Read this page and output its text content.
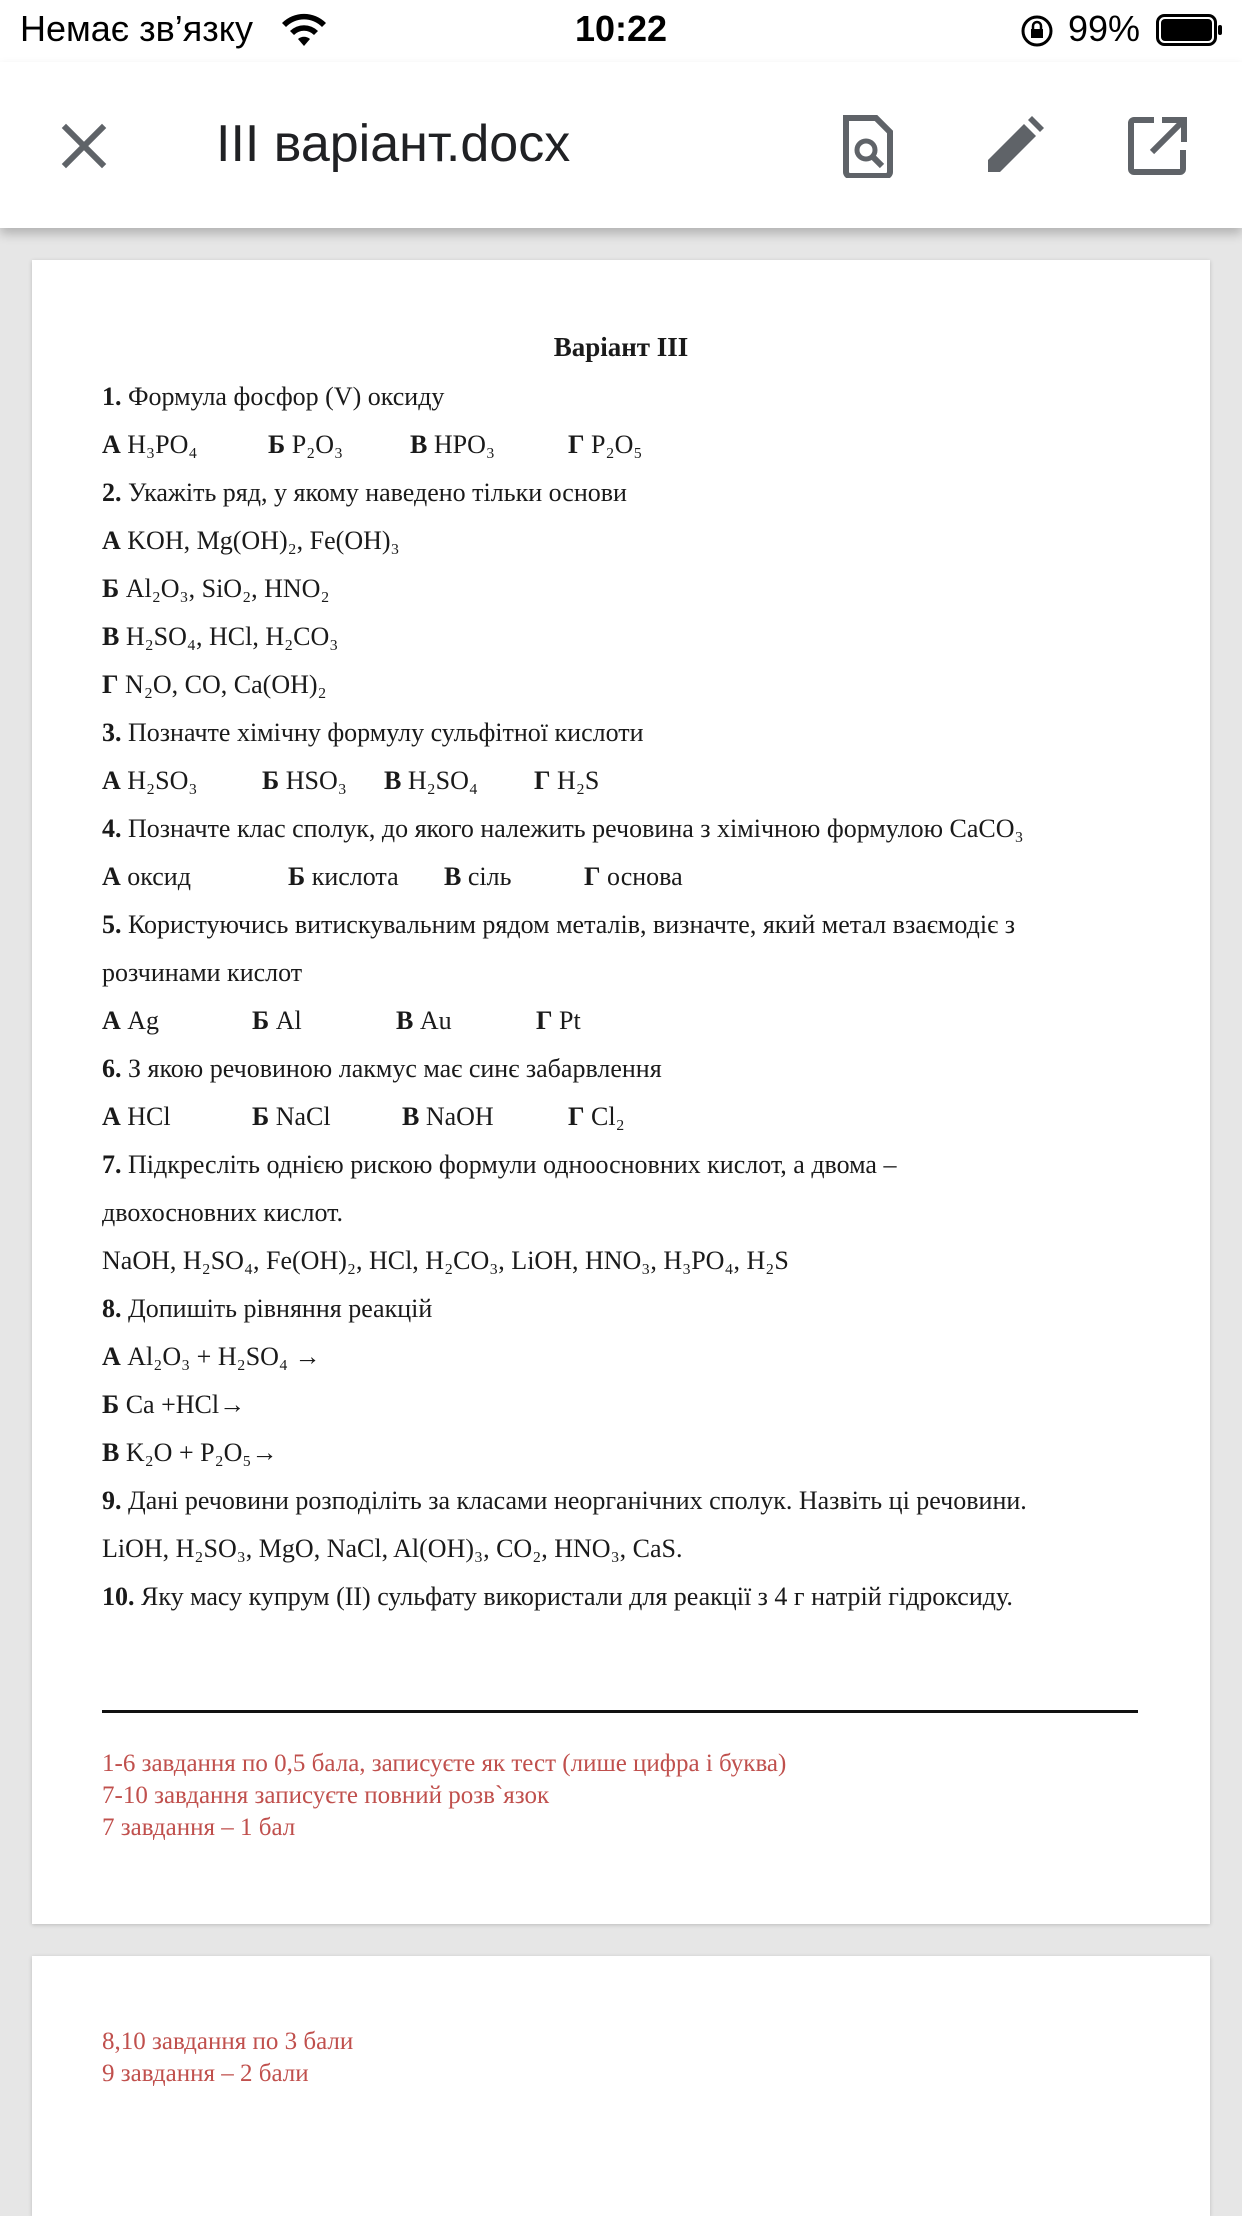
Немає зв’язку	10:22	99%
III варіант.docx
Варіант III
1. Формула фосфор (V) оксиду
А H₃PO₄	Б P₂O₃	В HPO₃	Г P₂O₅
2. Укажіть ряд, у якому наведено тільки основи
А KOH, Mg(OH)₂, Fe(OH)₃
Б Al₂O₃, SiO₂, HNO₂
В H₂SO₄, HCl, H₂CO₃
Г N₂O, CO, Ca(OH)₂
3. Позначте хімічну формулу сульфітної кислоти
А H₂SO₃ Б HSO₃ В H₂SO₄ Г H₂S
4. Позначте клас сполук, до якого належить речовина з хімічною формулою CaCO₃
А оксид	Б кислота В сіль	Г основа
5. Користуючись витискувальним рядом металів, визначте, який метал взаємодіє з
розчинами кислот
А Ag	Б Al	В Au	Г Pt
6. З якою речовиною лакмус має синє забарвлення
А HCl	Б NaCl	В NaOH	Г Cl₂
7. Підкресліть однією рискою формули одноосновних кислот, а двома –
двохосновних кислот.
NaOH, H₂SO₄, Fe(OH)₂, HCl, H₂CO₃, LiOH, HNO₃, H₃PO₄, H₂S
8. Допишіть рівняння реакцій
А Al₂O₃ + H₂SO₄ →
Б Ca +HCl→
В K₂O + P₂O₅→
9. Дані речовини розподіліть за класами неорганічних сполук. Назвіть ці речовини.
LiOH, H₂SO₃, MgO, NaCl, Al(OH)₃, CO₂, HNO₃, CaS.
10. Яку масу купрум (II) сульфату використали для реакції з 4 г натрій гідроксиду.
1-6 завдання по 0,5 бала, записуєте як тест (лише цифра і буква)
7-10 завдання записуєте повний розв`язок
7 завдання – 1 бал
8,10 завдання по 3 бали
9 завдання – 2 бали
